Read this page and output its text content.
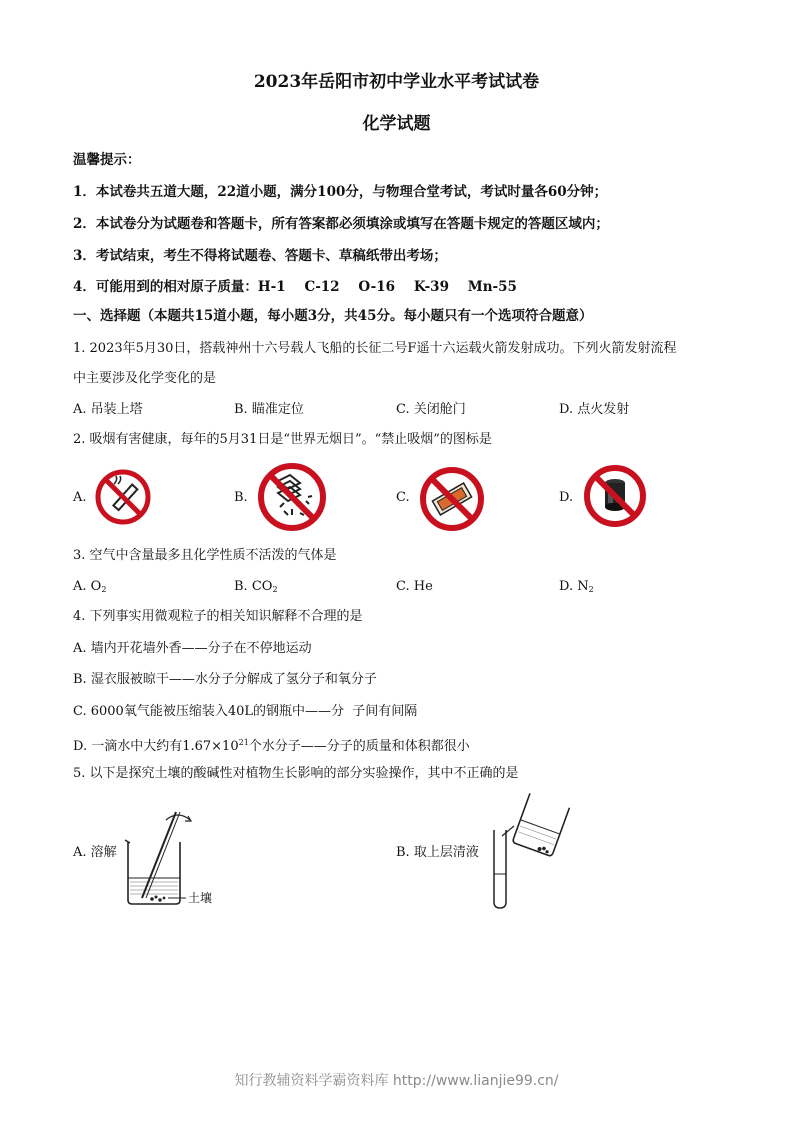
2023年岳阳市初中学业水平考试试卷
化学试题
温馨提示：
1．本试卷共五道大题，22道小题，满分100分，与物理合堂考试，考试时量各60分钟；
2．本试卷分为试题卷和答题卡，所有答案都必须填涂或填写在答题卡规定的答题区域内；
3．考试结束，考生不得将试题卷、答题卡、草稿纸带出考场；
4．可能用到的相对原子质量：H-1    C-12    O-16    K-39    Mn-55
一、选择题（本题共15道小题，每小题3分，共45分。每小题只有一个选项符合题意）
1. 2023年5月30日，搭载神州十六号载人飞船的长征二号F遥十六运载火箭发射成功。下列火箭发射流程
中主要涉及化学变化的是
A. 吊装上塔	B. 瞄准定位	C. 关闭舱门	D. 点火发射
2. 吸烟有害健康，每年的5月31日是“世界无烟日”。“禁止吸烟”的图标是
A.	B.	C.	D.
3. 空气中含量最多且化学性质不活泼的气体是
A. $O_2$	B. $CO_2$	C. He	D. $N_2$
4. 下列事实用微观粒子的相关知识解释不合理的是
A. 墙内开花墙外香——分子在不停地运动
B. 湿衣服被晾干——水分子分解成了氢分子和氧分子
C. 6000氧气能被压缩装入40L的钢瓶中——分  子间有间隔
D. 一滴水中大约有$1.67\times 10^{21}$个水分子——分子的质量和体积都很小
5. 以下是探究土壤的酸碱性对植物生长影响的部分实验操作，其中不正确的是
A. 溶解
土壤
B. 取上层清液
知行教辅资料学霸资料库 http://www.lianjie99.cn/
